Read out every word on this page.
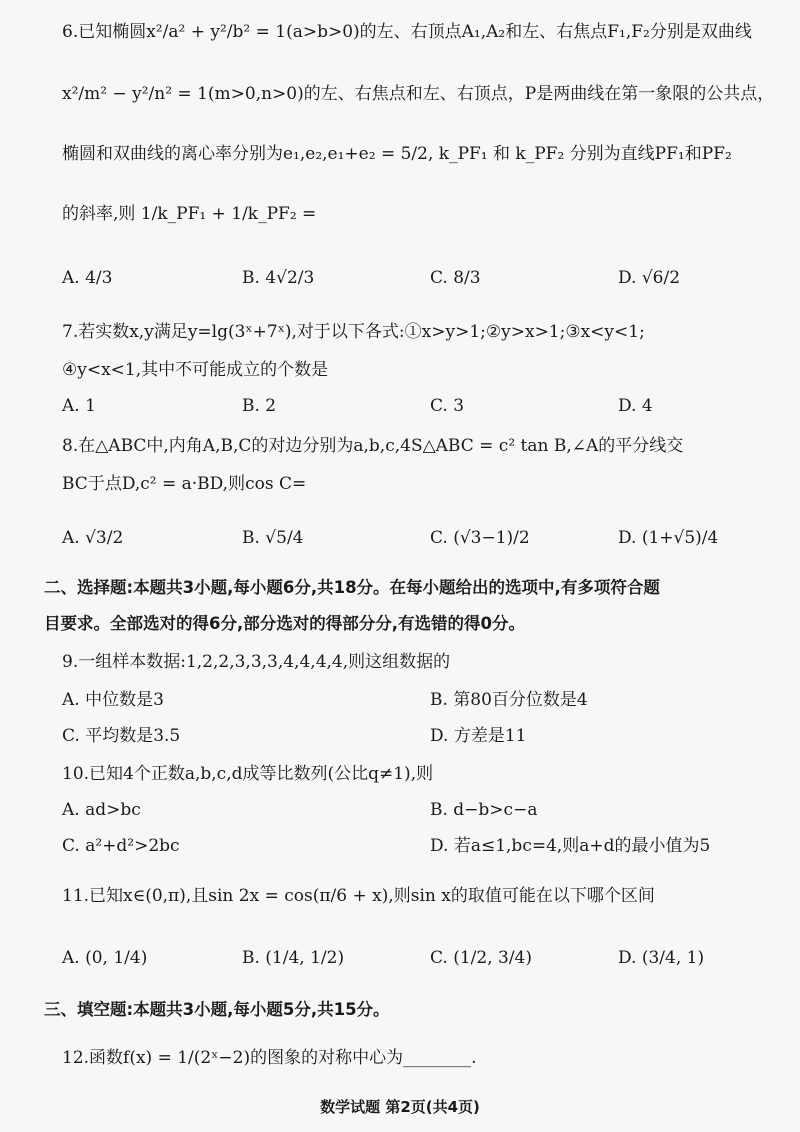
6.已知椭圆x²/a² + y²/b² = 1(a>b>0)的左、右顶点A₁,A₂和左、右焦点F₁,F₂分别是双曲线
x²/m² − y²/n² = 1(m>0,n>0)的左、右焦点和左、右顶点，P是两曲线在第一象限的公共点，
椭圆和双曲线的离心率分别为e₁,e₂,e₁+e₂ = 5/2, k_PF₁ 和 k_PF₂ 分别为直线PF₁和PF₂
的斜率,则 1/k_PF₁ + 1/k_PF₂ =
A. 4/3	B. 4√2/3	C. 8/3	D. √6/2
7.若实数x,y满足y=lg(3ˣ+7ˣ),对于以下各式:①x>y>1;②y>x>1;③x<y<1;
④y<x<1,其中不可能成立的个数是
A. 1	B. 2	C. 3	D. 4
8.在△ABC中,内角A,B,C的对边分别为a,b,c,4S△ABC = c² tan B,∠A的平分线交
BC于点D,c² = a·BD,则cos C=
A. √3/2	B. √5/4	C. (√3−1)/2	D. (1+√5)/4
二、选择题:本题共3小题,每小题6分,共18分。在每小题给出的选项中,有多项符合题
目要求。全部选对的得6分,部分选对的得部分分,有选错的得0分。
9.一组样本数据:1,2,2,3,3,3,4,4,4,4,则这组数据的
A. 中位数是3	B. 第80百分位数是4
C. 平均数是3.5	D. 方差是11
10.已知4个正数a,b,c,d成等比数列(公比q≠1),则
A. ad>bc	B. d−b>c−a
C. a²+d²>2bc	D. 若a≤1,bc=4,则a+d的最小值为5
11.已知x∈(0,π),且sin 2x = cos(π/6 + x),则sin x的取值可能在以下哪个区间
A. (0, 1/4)	B. (1/4, 1/2)	C. (1/2, 3/4)	D. (3/4, 1)
三、填空题:本题共3小题,每小题5分,共15分。
12.函数f(x) = 1/(2ˣ−2)的图象的对称中心为________.
数学试题 第2页(共4页)
